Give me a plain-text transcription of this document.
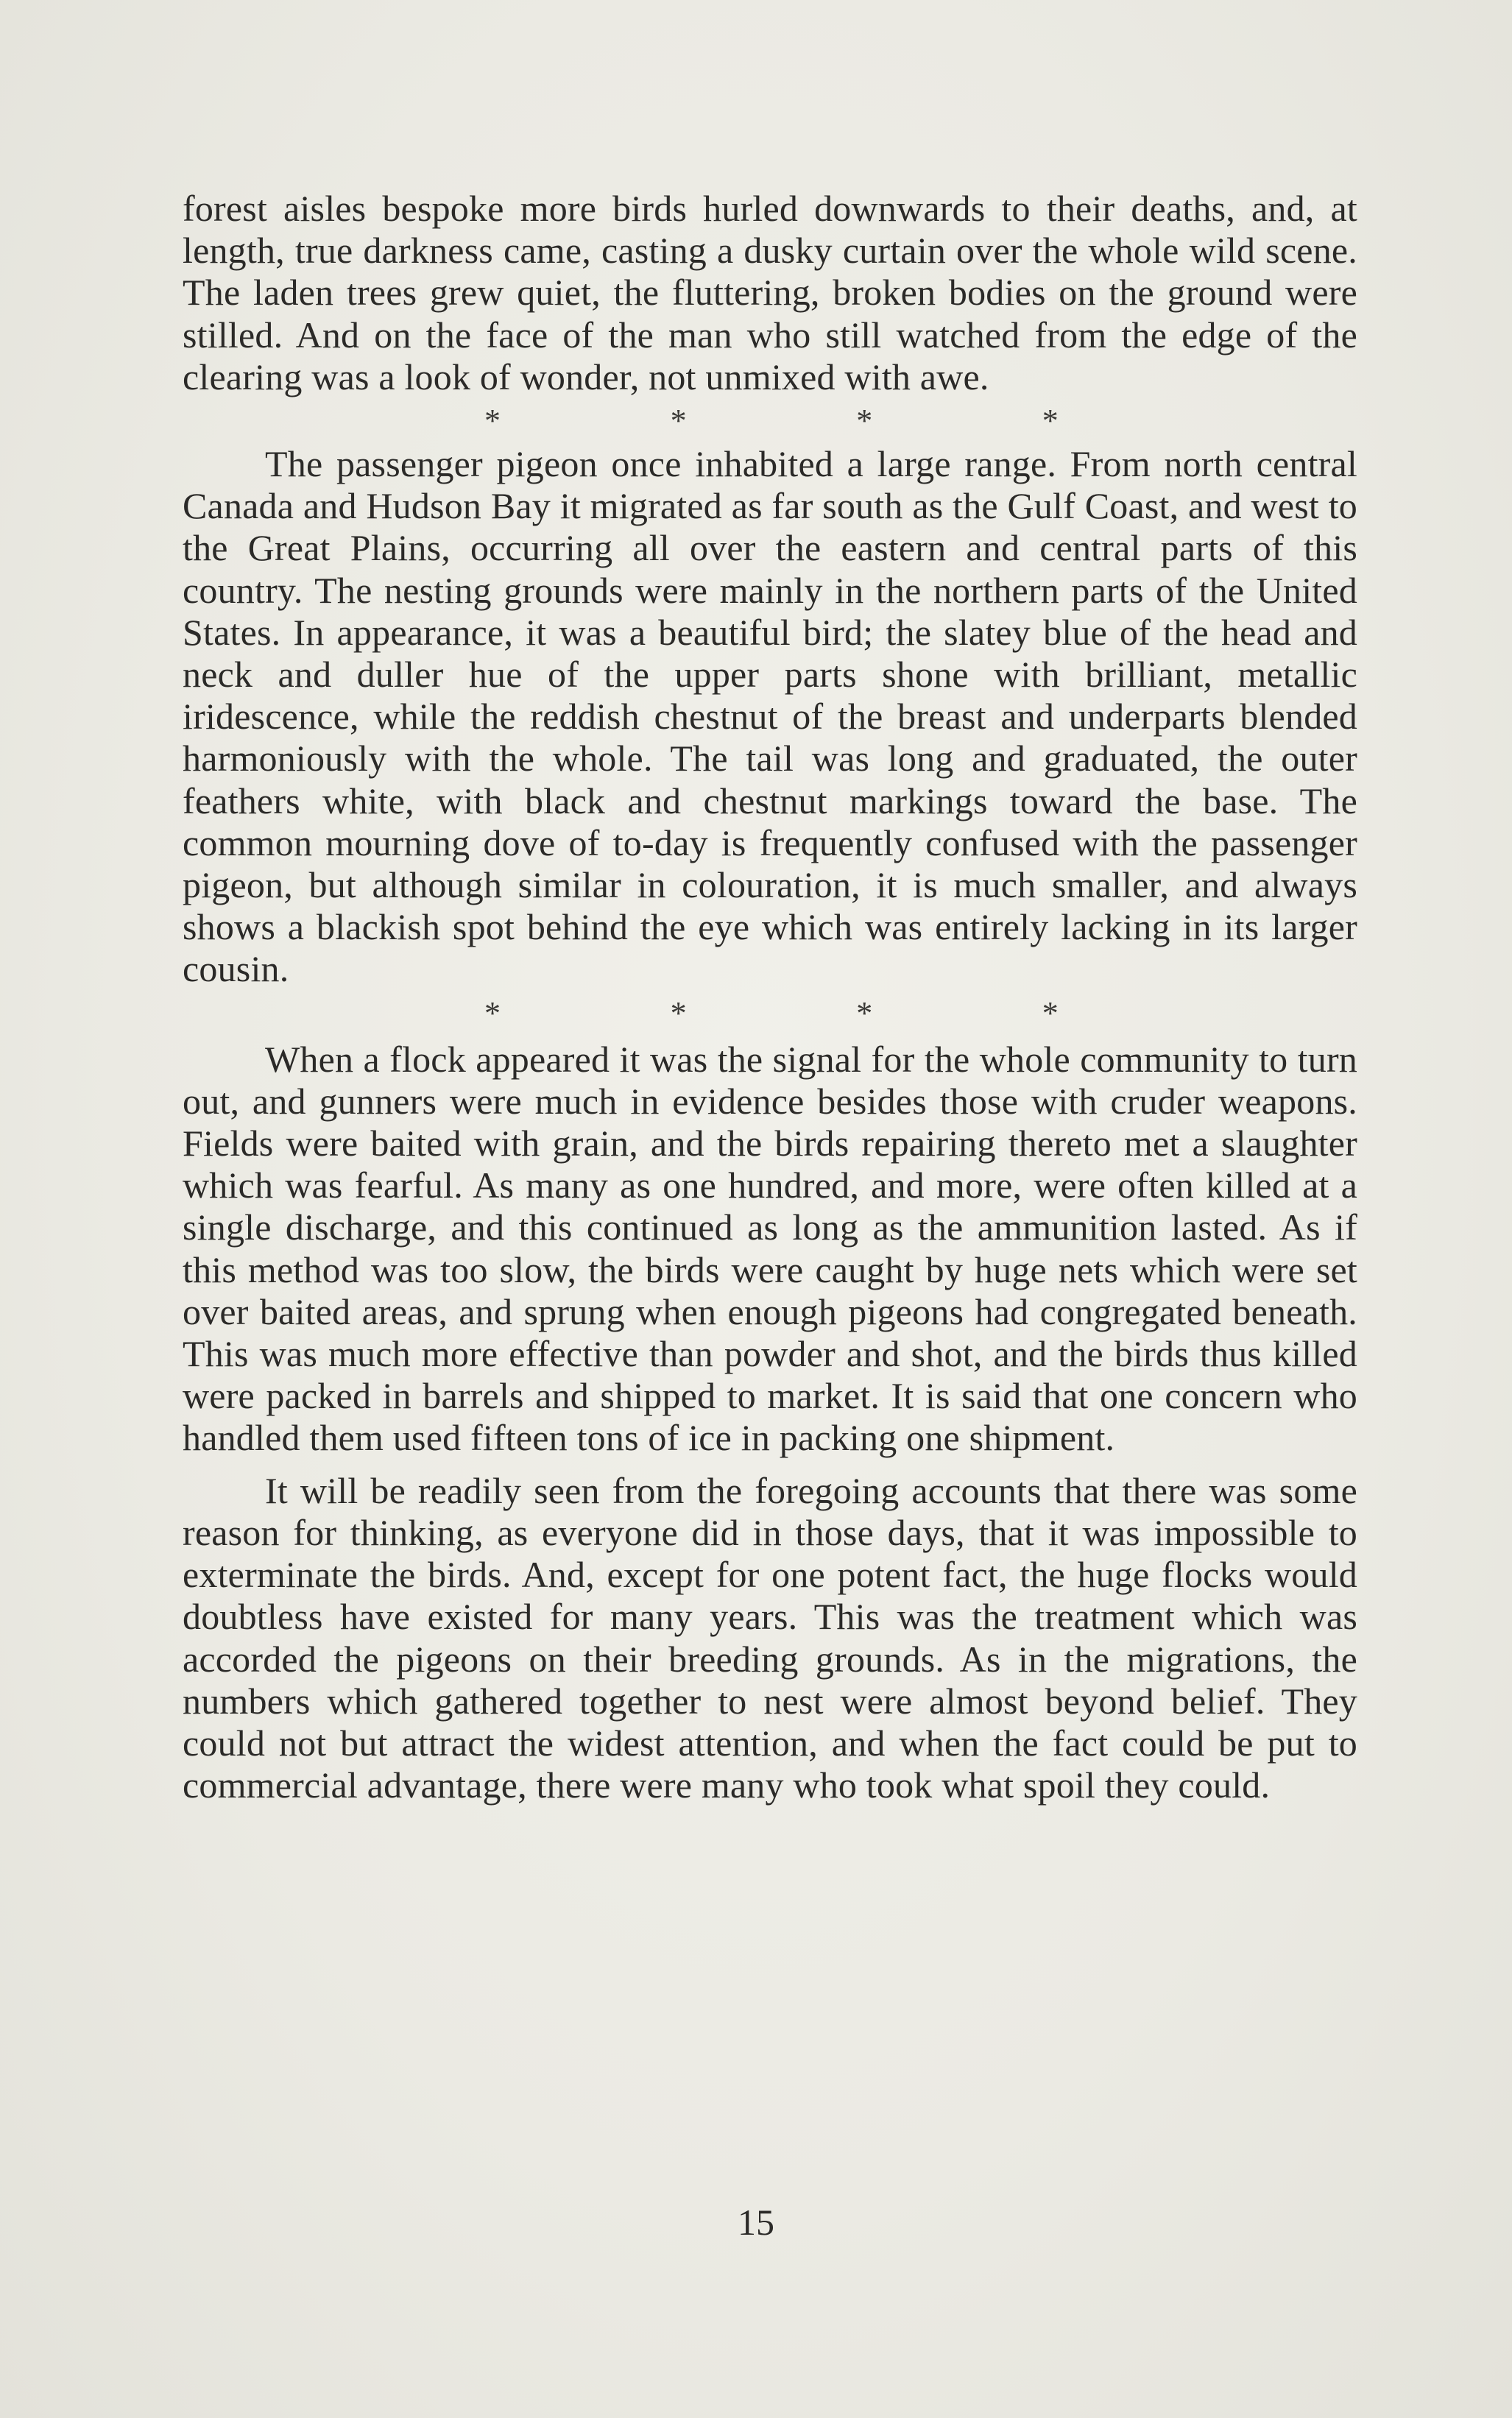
forest aisles bespoke more birds hurled downwards to their deaths, and, at length, true darkness came, casting a dusky curtain over the whole wild scene. The laden trees grew quiet, the fluttering, broken bodies on the ground were stilled. And on the face of the man who still watched from the edge of the clearing was a look of wonder, not unmixed with awe.

*	*	*	*

The passenger pigeon once inhabited a large range. From north central Canada and Hudson Bay it migrated as far south as the Gulf Coast, and west to the Great Plains, occurring all over the eastern and central parts of this country. The nesting grounds were mainly in the northern parts of the United States. In appearance, it was a beautiful bird; the slatey blue of the head and neck and duller hue of the upper parts shone with brilliant, metallic iridescence, while the reddish chestnut of the breast and underparts blended harmoniously with the whole. The tail was long and graduated, the outer feathers white, with black and chestnut markings toward the base. The common mourning dove of to-day is frequently confused with the passenger pigeon, but although similar in colouration, it is much smaller, and always shows a blackish spot behind the eye which was entirely lacking in its larger cousin.

*	*	*	*

When a flock appeared it was the signal for the whole community to turn out, and gunners were much in evidence besides those with cruder weapons. Fields were baited with grain, and the birds repairing thereto met a slaughter which was fearful. As many as one hundred, and more, were often killed at a single discharge, and this continued as long as the ammunition lasted. As if this method was too slow, the birds were caught by huge nets which were set over baited areas, and sprung when enough pigeons had congregated beneath. This was much more effective than powder and shot, and the birds thus killed were packed in barrels and shipped to market. It is said that one concern who handled them used fifteen tons of ice in packing one shipment.

It will be readily seen from the foregoing accounts that there was some reason for thinking, as everyone did in those days, that it was impossible to exterminate the birds. And, except for one potent fact, the huge flocks would doubtless have existed for many years. This was the treatment which was accorded the pigeons on their breeding grounds. As in the migrations, the numbers which gathered together to nest were almost beyond belief. They could not but attract the widest attention, and when the fact could be put to commercial advantage, there were many who took what spoil they could.

15
